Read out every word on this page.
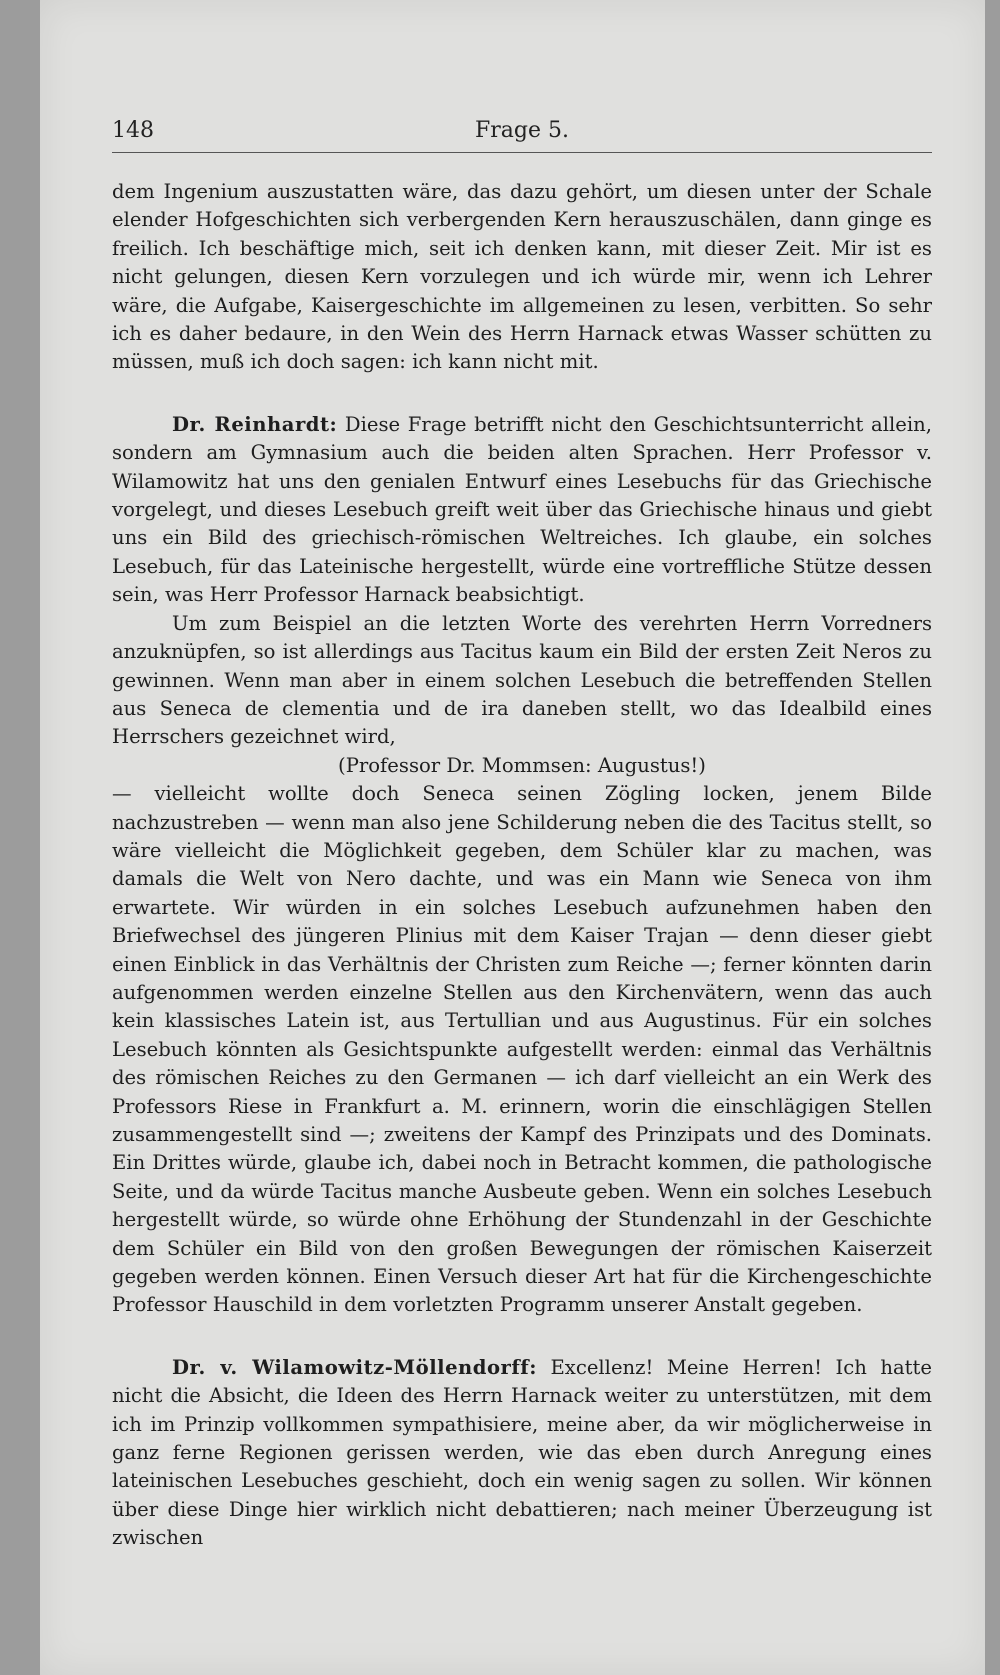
148	Frage 5.

dem Ingenium auszustatten wäre, das dazu gehört, um diesen unter der Schale elender Hofgeschichten sich verbergenden Kern herauszuschälen, dann ginge es freilich. Ich beschäftige mich, seit ich denken kann, mit dieser Zeit. Mir ist es nicht gelungen, diesen Kern vorzulegen und ich würde mir, wenn ich Lehrer wäre, die Aufgabe, Kaisergeschichte im allgemeinen zu lesen, verbitten. So sehr ich es daher bedaure, in den Wein des Herrn Harnack etwas Wasser schütten zu müssen, muß ich doch sagen: ich kann nicht mit.

Dr. Reinhardt: Diese Frage betrifft nicht den Geschichtsunterricht allein, sondern am Gymnasium auch die beiden alten Sprachen. Herr Professor v. Wilamowitz hat uns den genialen Entwurf eines Lesebuchs für das Griechische vorgelegt, und dieses Lesebuch greift weit über das Griechische hinaus und giebt uns ein Bild des griechisch-römischen Weltreiches. Ich glaube, ein solches Lesebuch, für das Lateinische hergestellt, würde eine vortreffliche Stütze dessen sein, was Herr Professor Harnack beabsichtigt.

Um zum Beispiel an die letzten Worte des verehrten Herrn Vorredners anzuknüpfen, so ist allerdings aus Tacitus kaum ein Bild der ersten Zeit Neros zu gewinnen. Wenn man aber in einem solchen Lesebuch die betreffenden Stellen aus Seneca de clementia und de ira daneben stellt, wo das Idealbild eines Herrschers gezeichnet wird,

(Professor Dr. Mommsen: Augustus!)

— vielleicht wollte doch Seneca seinen Zögling locken, jenem Bilde nachzustreben — wenn man also jene Schilderung neben die des Tacitus stellt, so wäre vielleicht die Möglichkeit gegeben, dem Schüler klar zu machen, was damals die Welt von Nero dachte, und was ein Mann wie Seneca von ihm erwartete. Wir würden in ein solches Lesebuch aufzunehmen haben den Briefwechsel des jüngeren Plinius mit dem Kaiser Trajan — denn dieser giebt einen Einblick in das Verhältnis der Christen zum Reiche —; ferner könnten darin aufgenommen werden einzelne Stellen aus den Kirchenvätern, wenn das auch kein klassisches Latein ist, aus Tertullian und aus Augustinus. Für ein solches Lesebuch könnten als Gesichtspunkte aufgestellt werden: einmal das Verhältnis des römischen Reiches zu den Germanen — ich darf vielleicht an ein Werk des Professors Riese in Frankfurt a. M. erinnern, worin die einschlägigen Stellen zusammengestellt sind —; zweitens der Kampf des Prinzipats und des Dominats. Ein Drittes würde, glaube ich, dabei noch in Betracht kommen, die pathologische Seite, und da würde Tacitus manche Ausbeute geben. Wenn ein solches Lesebuch hergestellt würde, so würde ohne Erhöhung der Stundenzahl in der Geschichte dem Schüler ein Bild von den großen Bewegungen der römischen Kaiserzeit gegeben werden können. Einen Versuch dieser Art hat für die Kirchengeschichte Professor Hauschild in dem vorletzten Programm unserer Anstalt gegeben.

Dr. v. Wilamowitz-Möllendorff: Excellenz! Meine Herren! Ich hatte nicht die Absicht, die Ideen des Herrn Harnack weiter zu unterstützen, mit dem ich im Prinzip vollkommen sympathisiere, meine aber, da wir möglicherweise in ganz ferne Regionen gerissen werden, wie das eben durch Anregung eines lateinischen Lesebuches geschieht, doch ein wenig sagen zu sollen. Wir können über diese Dinge hier wirklich nicht debattieren; nach meiner Überzeugung ist zwischen
